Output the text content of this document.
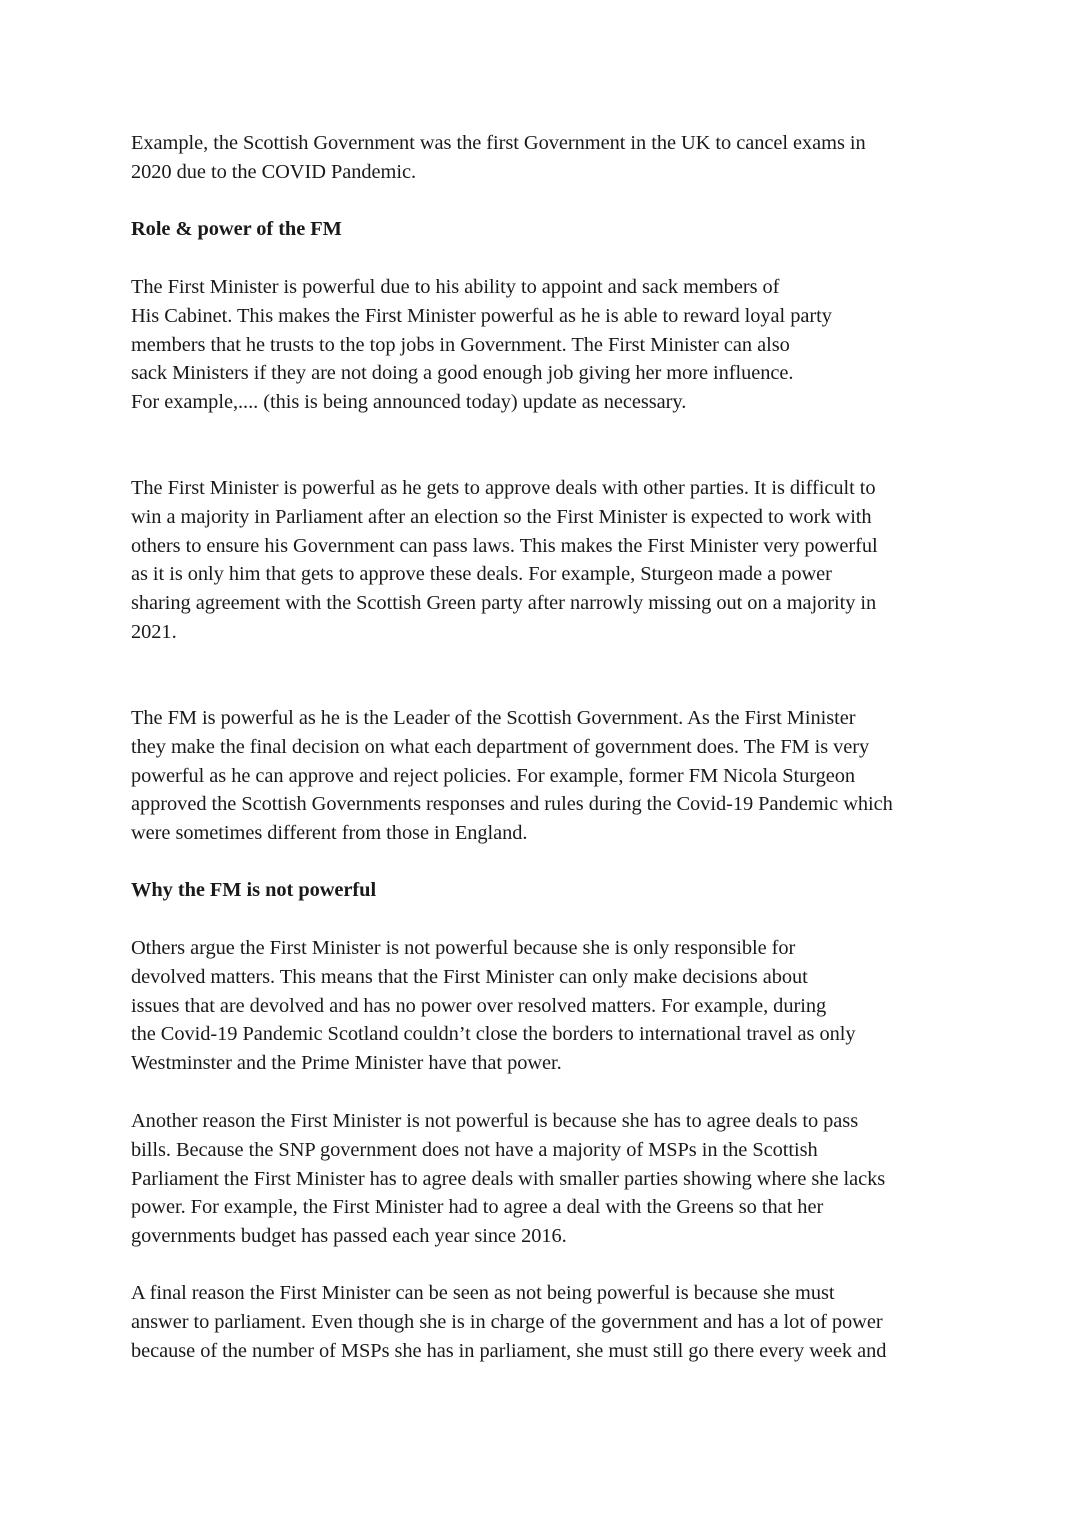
Example, the Scottish Government was the first Government in the UK to cancel exams in
2020 due to the COVID Pandemic.

Role & power of the FM

The First Minister is powerful due to his ability to appoint and sack members of
His Cabinet. This makes the First Minister powerful as he is able to reward loyal party
members that he trusts to the top jobs in Government. The First Minister can also
sack Ministers if they are not doing a good enough job giving her more influence.
For example,.... (this is being announced today) update as necessary.

The First Minister is powerful as he gets to approve deals with other parties. It is difficult to
win a majority in Parliament after an election so the First Minister is expected to work with
others to ensure his Government can pass laws. This makes the First Minister very powerful
as it is only him that gets to approve these deals. For example, Sturgeon made a power
sharing agreement with the Scottish Green party after narrowly missing out on a majority in
2021.

The FM is powerful as he is the Leader of the Scottish Government. As the First Minister
they make the final decision on what each department of government does. The FM is very
powerful as he can approve and reject policies. For example, former FM Nicola Sturgeon
approved the Scottish Governments responses and rules during the Covid-19 Pandemic which
were sometimes different from those in England.

Why the FM is not powerful

Others argue the First Minister is not powerful because she is only responsible for
devolved matters. This means that the First Minister can only make decisions about
issues that are devolved and has no power over resolved matters. For example, during
the Covid-19 Pandemic Scotland couldn’t close the borders to international travel as only
Westminster and the Prime Minister have that power.

Another reason the First Minister is not powerful is because she has to agree deals to pass
bills. Because the SNP government does not have a majority of MSPs in the Scottish
Parliament the First Minister has to agree deals with smaller parties showing where she lacks
power. For example, the First Minister had to agree a deal with the Greens so that her
governments budget has passed each year since 2016.

A final reason the First Minister can be seen as not being powerful is because she must
answer to parliament. Even though she is in charge of the government and has a lot of power
because of the number of MSPs she has in parliament, she must still go there every week and
